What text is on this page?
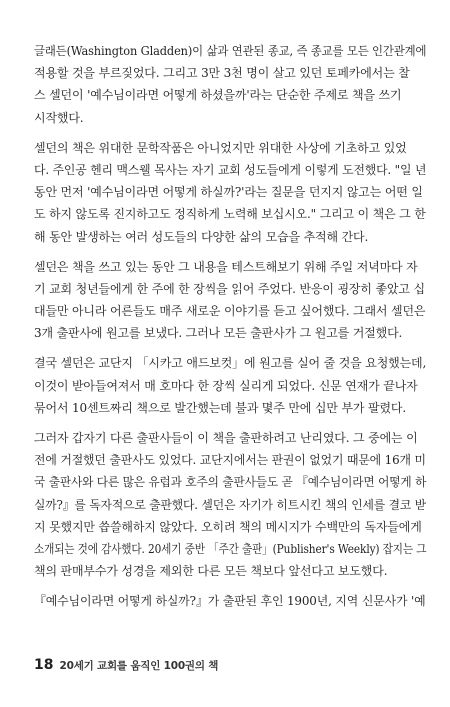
글래든(Washington Gladden)이 삶과 연관된 종교, 즉 종교를 모든 인간관계에
적용할 것을 부르짖었다. 그리고 3만 3천 명이 살고 있던 토페카에서는 찰
스 셀던이 '예수님이라면 어떻게 하셨을까'라는 단순한 주제로 책을 쓰기
시작했다.
셀던의 책은 위대한 문학작품은 아니었지만 위대한 사상에 기초하고 있었
다. 주인공 헨리 맥스웰 목사는 자기 교회 성도들에게 이렇게 도전했다. "일 년
동안 먼저 '예수님이라면 어떻게 하실까?'라는 질문을 던지지 않고는 어떤 일
도 하지 않도록 진지하고도 정직하게 노력해 보십시오." 그리고 이 책은 그 한
해 동안 발생하는 여러 성도들의 다양한 삶의 모습을 추적해 간다.
셀던은 책을 쓰고 있는 동안 그 내용을 테스트해보기 위해 주일 저녁마다 자
기 교회 청년들에게 한 주에 한 장씩을 읽어 주었다. 반응이 굉장히 좋았고 십
대들만 아니라 어른들도 매주 새로운 이야기를 듣고 싶어했다. 그래서 셀던은
3개 출판사에 원고를 보냈다. 그러나 모든 출판사가 그 원고를 거절했다.
결국 셀던은 교단지 「시카고 애드보컷」에 원고를 실어 줄 것을 요청했는데,
이것이 받아들여져서 매 호마다 한 장씩 실리게 되었다. 신문 연재가 끝나자
묶어서 10센트짜리 책으로 발간했는데 불과 몇주 만에 십만 부가 팔렸다.
그러자 갑자기 다른 출판사들이 이 책을 출판하려고 난리였다. 그 중에는 이
전에 거절했던 출판사도 있었다. 교단지에서는 판권이 없었기 때문에 16개 미
국 출판사와 다른 많은 유럽과 호주의 출판사들도 곧 『예수님이라면 어떻게 하
실까?』를 독자적으로 출판했다. 셀던은 자기가 히트시킨 책의 인세를 결코 받
지 못했지만 씁쓸해하지 않았다. 오히려 책의 메시지가 수백만의 독자들에게
소개되는 것에 감사했다. 20세기 중반 「주간 출판」(Publisher's Weekly) 잡지는 그
책의 판매부수가 성경을 제외한 다른 모든 책보다 앞선다고 보도했다.
『예수님이라면 어떻게 하실까?』가 출판된 후인 1900년, 지역 신문사가 '예
18 20세기 교회를 움직인 100권의 책
